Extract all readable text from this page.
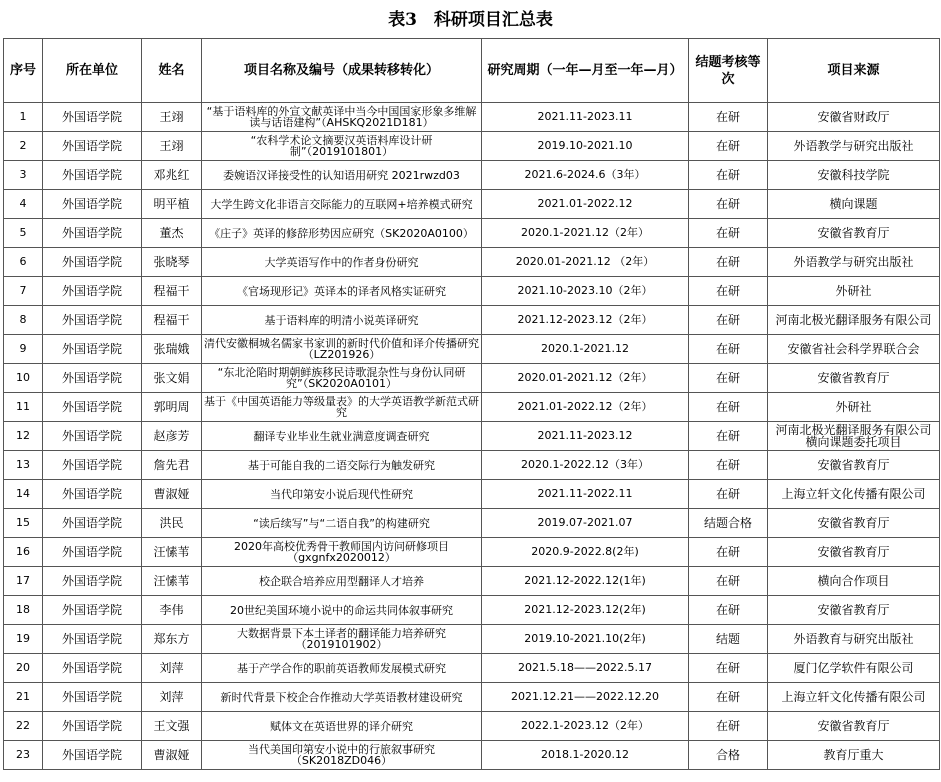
表3　科研项目汇总表
序号	所在单位	姓名	项目名称及编号（成果转移转化）	研究周期（一年—月至一年—月）	结题考核等次	项目来源
1	外国语学院	王翊	“基于语料库的外宣文献英译中当今中国国家形象多维解读与话语建构”（AHSKQ2021D181）	2021.11-2023.11	在研	安徽省财政厅
2	外国语学院	王翊	“农科学术论文摘要汉英语料库设计研制”（2019101801）	2019.10-2021.10	在研	外语教学与研究出版社
3	外国语学院	邓兆红	委婉语汉译接受性的认知语用研究 2021rwzd03	2021.6-2024.6（3年）	在研	安徽科技学院
4	外国语学院	明平植	大学生跨文化非语言交际能力的互联网+培养模式研究	2021.01-2022.12	在研	横向课题
5	外国语学院	董杰	《庄子》英译的修辞形势因应研究（SK2020A0100）	2020.1-2021.12（2年）	在研	安徽省教育厅
6	外国语学院	张晓琴	大学英语写作中的作者身份研究	2020.01-2021.12 （2年）	在研	外语教学与研究出版社
7	外国语学院	程福干	《官场现形记》英译本的译者风格实证研究	2021.10-2023.10（2年）	在研	外研社
8	外国语学院	程福干	基于语料库的明清小说英译研究	2021.12-2023.12（2年）	在研	河南北极光翻译服务有限公司
9	外国语学院	张瑞娥	清代安徽桐城名儒家书家训的新时代价值和译介传播研究（LZ201926）	2020.1-2021.12	在研	安徽省社会科学界联合会
10	外国语学院	张文娟	“东北沦陷时期朝鲜族移民诗歌混杂性与身份认同研究”（SK2020A0101）	2020.01-2021.12（2年）	在研	安徽省教育厅
11	外国语学院	郭明周	基于《中国英语能力等级量表》的大学英语教学新范式研究	2021.01-2022.12（2年）	在研	外研社
12	外国语学院	赵彦芳	翻译专业毕业生就业满意度调查研究	2021.11-2023.12	在研	河南北极光翻译服务有限公司横向课题委托项目
13	外国语学院	詹先君	基于可能自我的二语交际行为触发研究	2020.1-2022.12（3年）	在研	安徽省教育厅
14	外国语学院	曹淑娅	当代印第安小说后现代性研究	2021.11-2022.11	在研	上海立轩文化传播有限公司
15	外国语学院	洪民	“读后续写”与“二语自我”的构建研究	2019.07-2021.07	结题合格	安徽省教育厅
16	外国语学院	汪愫苇	2020年高校优秀骨干教师国内访问研修项目（gxgnfx2020012）	2020.9-2022.8(2年)	在研	安徽省教育厅
17	外国语学院	汪愫苇	校企联合培养应用型翻译人才培养	2021.12-2022.12(1年)	在研	横向合作项目
18	外国语学院	李伟	20世纪美国环境小说中的命运共同体叙事研究	2021.12-2023.12(2年)	在研	安徽省教育厅
19	外国语学院	郑东方	大数据背景下本土译者的翻译能力培养研究（2019101902）	2019.10-2021.10(2年)	结题	外语教育与研究出版社
20	外国语学院	刘萍	基于产学合作的职前英语教师发展模式研究	2021.5.18——2022.5.17	在研	厦门亿学软件有限公司
21	外国语学院	刘萍	新时代背景下校企合作推动大学英语教材建设研究	2021.12.21——2022.12.20	在研	上海立轩文化传播有限公司
22	外国语学院	王文强	赋体文在英语世界的译介研究	2022.1-2023.12（2年）	在研	安徽省教育厅
23	外国语学院	曹淑娅	当代美国印第安小说中的行旅叙事研究（SK2018ZD046）	2018.1-2020.12	合格	教育厅重大
